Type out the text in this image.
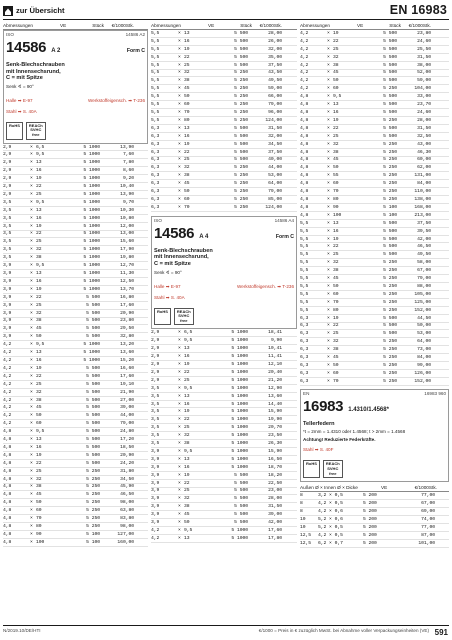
zur Übersicht	EN 16983
Abmessungen	VE	Stück	€/1000Stk.
ISO	14586 A2
14586 A 2	Form C
Senk-Blechschrauben
mit Innensechsrund,
C = mit Spitze
Senk ∢ = 90°
Halle ➡ E-97	Werkstoffeigensch. ➡ T-236
Stahl ➡ S. 40A
RoHS	REACh
SVHC
free
2,9	× 6,5	5 1000	13,90
2,9	× 9,5	5 1000	7,60
2,9	× 13	5 1000	7,80
2,9	× 16	5 1000	8,60
2,9	× 19	5 1000	9,20
2,9	× 22	5 1000	10,40
2,9	× 25	5 1000	13,90
3,5	× 9,5	5 1000	9,70
3,5	× 13	5 1000	10,30
3,5	× 16	5 1000	10,80
3,5	× 19	5 1000	12,00
3,5	× 22	5 1000	13,00
3,5	× 25	5 1000	15,60
3,5	× 32	5 1000	17,90
3,5	× 38	5 1000	19,80
3,9	× 9,5	5 1000	12,70
3,9	× 13	5 1000	11,30
3,9	× 16	5 1000	12,50
3,9	× 19	5 1000	13,70
3,9	× 22	5 500	16,80
3,9	× 25	5 500	17,60
3,9	× 32	5 500	20,90
3,9	× 38	5 500	23,80
3,9	× 45	5 500	29,50
3,9	× 50	5 500	32,80
4,2	× 9,5	5 1000	13,20
4,2	× 13	5 1000	13,60
4,2	× 16	5 1000	15,20
4,2	× 19	5 500	16,60
4,2	× 22	5 500	17,60
4,2	× 25	5 500	19,10
4,2	× 32	5 500	21,90
4,2	× 38	5 500	27,00
4,2	× 45	5 500	39,00
4,2	× 50	5 500	44,00
4,2	× 60	5 500	79,00
4,8	× 9,5	5 500	24,80
4,8	× 13	5 500	17,20
4,8	× 16	5 500	18,50
4,8	× 19	5 500	20,90
4,8	× 22	5 500	24,20
4,8	× 25	5 250	31,80
4,8	× 32	5 250	34,50
4,8	× 38	5 250	45,90
4,8	× 45	5 250	46,50
4,8	× 50	5 250	98,00
4,8	× 60	5 250	63,80
4,8	× 70	5 250	83,80
4,8	× 80	5 250	98,00
4,8	× 90	5 100	127,00
4,8	× 100	5 100	160,00
Abmessungen	VE	Stück	€/1000Stk.
5,5	× 13	5 500	28,00
5,5	× 16	5 500	26,00
5,5	× 19	5 500	32,00
5,5	× 22	5 500	35,00
5,5	× 25	5 500	37,50
5,5	× 32	5 250	43,50
5,5	× 38	5 250	49,50
5,5	× 45	5 250	59,00
5,5	× 50	5 250	66,00
5,5	× 60	5 250	79,00
5,5	× 70	5 250	96,00
5,5	× 80	5 250	124,00
6,3	× 13	5 500	31,50
6,3	× 16	5 500	32,00
6,3	× 19	5 500	34,50
6,3	× 22	5 500	37,50
6,3	× 25	5 500	40,00
6,3	× 32	5 250	44,00
6,3	× 38	5 250	53,00
6,3	× 45	5 250	64,00
6,3	× 50	5 250	79,00
6,3	× 60	5 250	85,00
6,3	× 70	5 250	124,00
ISO	14586 A4
14586 A 4	Form C
Senk-Blechschrauben
mit Innensechsrund,
C = mit Spitze
Senk ∢ = 90°
Halle ➡ E-97	Werkstoffeigensch. ➡ T-236
Stahl ➡ S. 40A
RoHS	REACh
SVHC
free
2,9	× 6,5	5 1000	18,41
2,9	× 9,5	5 1000	9,90
2,9	× 13	5 1000	10,41
2,9	× 16	5 1000	11,41
2,9	× 19	5 1000	12,10
2,9	× 22	5 1000	20,40
2,9	× 25	5 1000	21,20
3,5	× 9,5	5 1000	12,90
3,5	× 13	5 1000	13,60
3,5	× 16	5 1000	14,40
3,5	× 19	5 1000	15,90
3,5	× 22	5 1000	19,90
3,5	× 25	5 1000	20,70
3,5	× 32	5 1000	23,50
3,5	× 38	5 1000	26,30
3,9	× 9,5	5 1000	15,90
3,9	× 13	5 1000	16,50
3,9	× 16	5 1000	18,70
3,9	× 19	5 500	18,20
3,9	× 22	5 500	22,50
3,9	× 25	5 500	23,00
3,9	× 32	5 500	28,00
3,9	× 38	5 500	31,50
3,9	× 45	5 500	39,00
3,9	× 50	5 500	42,00
4,2	× 9,5	5 1000	17,60
4,2	× 13	5 1000	17,80
Abmessungen	VE	Stück	€/1000Stk.
4,2	× 19	5 500	23,80
4,2	× 22	5 500	24,60
4,2	× 25	5 500	25,50
4,2	× 32	5 500	31,50
4,2	× 38	5 500	38,00
4,2	× 45	5 500	52,00
4,2	× 50	5 500	59,00
4,2	× 60	5 250	104,00
4,8	× 9,5	5 500	33,00
4,8	× 13	5 500	23,70
4,8	× 16	5 500	24,60
4,8	× 19	5 250	28,00
4,8	× 22	5 500	31,50
4,8	× 25	5 500	32,50
4,8	× 32	5 250	43,00
4,8	× 38	5 250	46,30
4,8	× 45	5 250	60,00
4,8	× 50	5 250	62,00
4,8	× 55	5 250	131,00
4,8	× 60	5 250	84,00
4,8	× 70	5 250	110,00
4,8	× 80	5 250	138,00
4,8	× 90	5 100	168,00
4,8	× 100	5 100	213,00
5,5	× 13	5 500	37,50
5,5	× 16	5 500	39,50
5,5	× 19	5 500	42,00
5,5	× 22	5 500	46,50
5,5	× 25	5 500	49,50
5,5	× 32	5 250	58,00
5,5	× 38	5 250	67,00
5,5	× 45	5 250	79,00
5,5	× 50	5 250	88,00
5,5	× 60	5 250	105,00
5,5	× 70	5 250	125,00
5,5	× 80	5 250	152,00
6,3	× 19	5 500	44,50
6,3	× 22	5 500	50,00
6,3	× 25	5 500	53,00
6,3	× 32	5 250	64,00
6,3	× 38	5 250	73,00
6,3	× 45	5 250	84,00
6,3	× 50	5 250	99,00
6,3	× 60	5 250	126,00
6,3	× 70	5 250	152,00
EN	16983 960
16983 1.4310/1.4568*
Tellerfedern
*t = 2mm = 1.4310 oder 1.4568; t > 2mm = 1.4568
Achtung! Reduzierte Federkräfte.
Stahl ➡ S. 40F
RoHS	REACh
SVHC
free
Außen Ø × Innen Ø × Dicke	VE	€/1000Stk.
8	3,2 × 0,5	5 200	77,00
8	4,2 × 0,5	5 200	67,00
8	4,2 × 0,6	5 200	69,00
10	5,2 × 0,6	5 200	74,00
10	5,2 × 0,5	5 200	77,00
12,5	4,2 × 0,5	5 200	87,00
12,5	6,2 × 0,7	5 200	101,00
N/2019.10/DE/HTI	€/1000 = Preis in € zuzüglich MwSt. bei Abnahme voller Verpackungseinheiten (VE) 591
